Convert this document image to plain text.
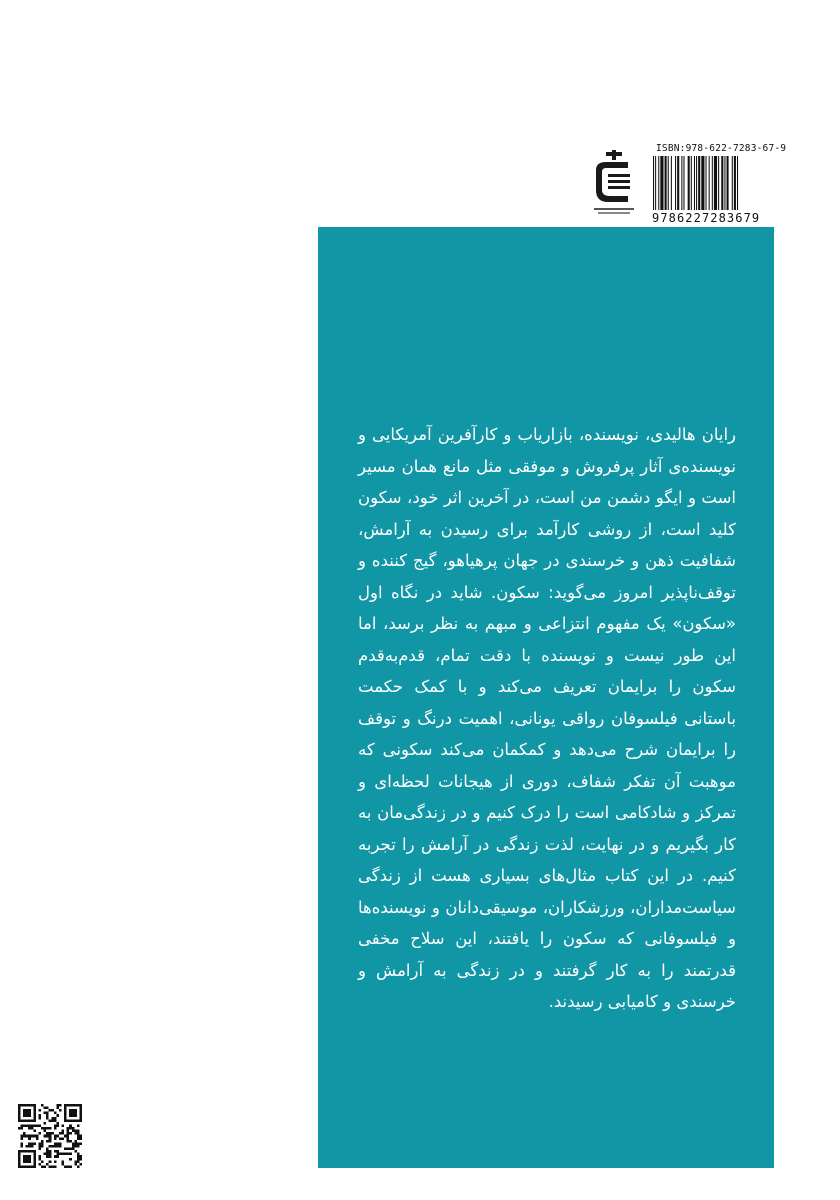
ISBN:978-622-7283-67-9
9786227283679

رایان هالیدی، نویسنده، بازاریاب و کارآفرین آمریکایی و نویسنده‌ی آثار پرفروش و موفقی مثل مانع همان مسیر است و ایگو دشمن من است، در آخرین اثر خود، سکون کلید است، از روشی کارآمد برای رسیدن به آرامش، شفافیت ذهن و خرسندی در جهان پرهیاهو، گیج کننده و توقف‌ناپذیر امروز می‌گوید: سکون. شاید در نگاه اول «سکون» یک مفهوم انتزاعی و مبهم به نظر برسد، اما این طور نیست و نویسنده با دقت تمام، قدم‌به‌قدم سکون را برایمان تعریف می‌کند و با کمک حکمت باستانی فیلسوفان رواقی یونانی، اهمیت درنگ و توقف را برایمان شرح می‌دهد و کمکمان می‌کند سکونی که موهبت آن تفکر شفاف، دوری از هیجانات لحظه‌ای و تمرکز و شادکامی است را درک کنیم و در زندگی‌مان به کار بگیریم و در نهایت، لذت زندگی در آرامش را تجربه کنیم. در این کتاب مثال‌های بسیاری هست از زندگی سیاست‌مداران، ورزشکاران، موسیقی‌دانان و نویسنده‌ها و فیلسوفانی که سکون را یافتند، این سلاح مخفی قدرتمند را به کار گرفتند و در زندگی به آرامش و خرسندی و کامیابی رسیدند.
